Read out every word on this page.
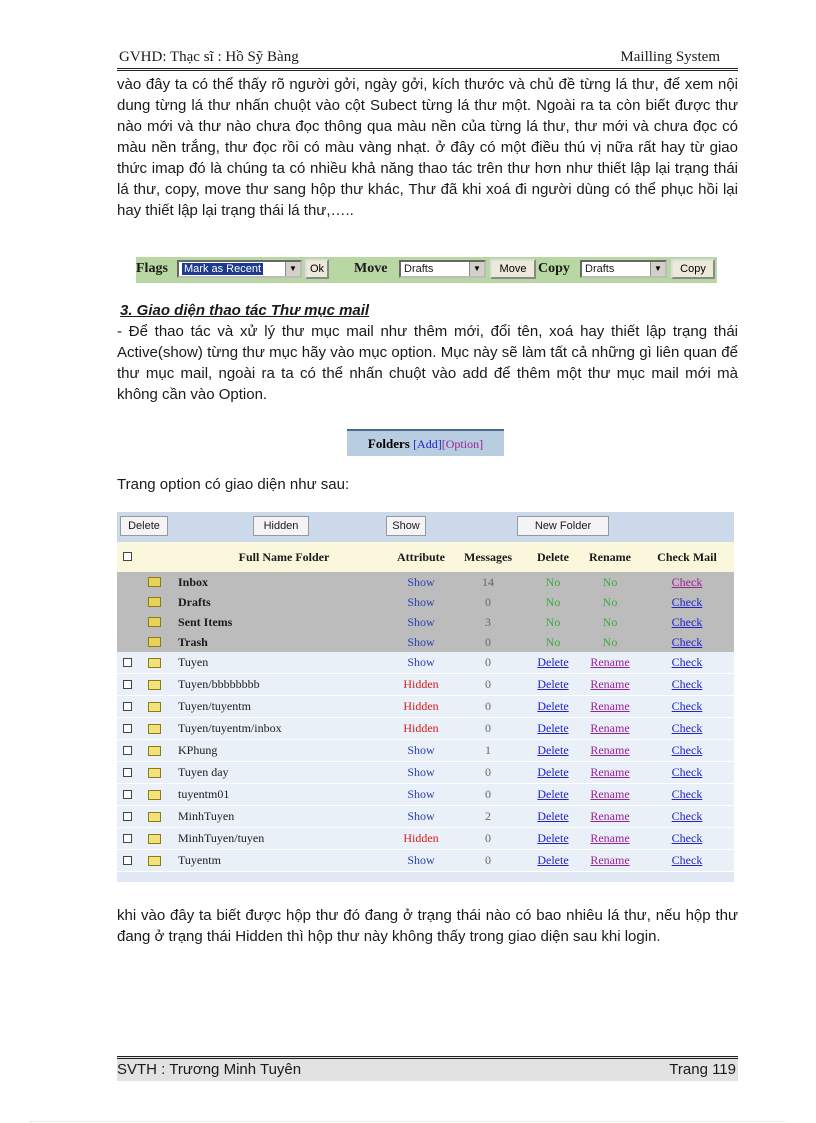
GVHD: Thạc sĩ : Hồ Sỹ Bàng	Mailling System

vào đây ta có thể thấy rõ người gởi, ngày gởi, kích thước và chủ đề từng lá thư, để xem nội dung từng lá thư nhấn chuột vào cột Subect từng lá thư một. Ngoài ra ta còn biết được thư nào mới và thư nào chưa đọc thông qua màu nền của từng lá thư, thư mới và chưa đọc có màu nền trắng, thư đọc rồi có màu vàng nhạt. ở đây có một điều thú vị nữa rất hay từ giao thức imap đó là chúng ta có nhiều khả năng thao tác trên thư hơn như thiết lập lại trạng thái lá thư, copy, move thư sang hộp thư khác, Thư đã khi xoá đi người dùng có thể phục hồi lại hay thiết lập lại trạng thái lá thư,…..

Flags	Mark as Recent	▼	Ok	Move	Drafts	▼	Move Copy	Drafts	▼	Copy

3. Giao diện thao tác Thư mục mail

- Để thao tác và xử lý thư mục mail như thêm mới, đổi tên, xoá hay thiết lập trạng thái Active(show) từng thư mục hãy vào mục option. Mục này sẽ làm tất cả những gì liên quan để thư mục mail, ngoài ra ta có thể nhấn chuột vào add để thêm một thư mục mail mới mà không cần vào Option.

Folders [Add][Option]

Trang option có giao diện như sau:

Delete	Hidden	Show	New Folder
Full Name Folder	Attribute	Messages	Delete	Rename	Check Mail
Inbox	Show	14	No	No	Check
Drafts	Show	0	No	No	Check
Sent Items	Show	3	No	No	Check
Trash	Show	0	No	No	Check
Tuyen	Show	0	Delete Rename	Check
Tuyen/bbbbbbbb	Hidden	0	Delete Rename	Check
Tuyen/tuyentm	Hidden	0	Delete Rename	Check
Tuyen/tuyentm/inbox	Hidden	0	Delete Rename	Check
KPhung	Show	1	Delete Rename	Check
Tuyen day	Show	0	Delete Rename	Check
tuyentm01	Show	0	Delete Rename	Check
MinhTuyen	Show	2	Delete Rename	Check
MinhTuyen/tuyen	Hidden	0	Delete Rename	Check
Tuyentm	Show	0	Delete Rename	Check

khi vào đây ta biết được hộp thư đó đang ở trạng thái nào có bao nhiêu lá thư, nếu hộp thư đang ở trạng thái Hidden thì hộp thư này không thấy trong giao diện sau khi login.

SVTH : Trương Minh Tuyên	Trang 119
